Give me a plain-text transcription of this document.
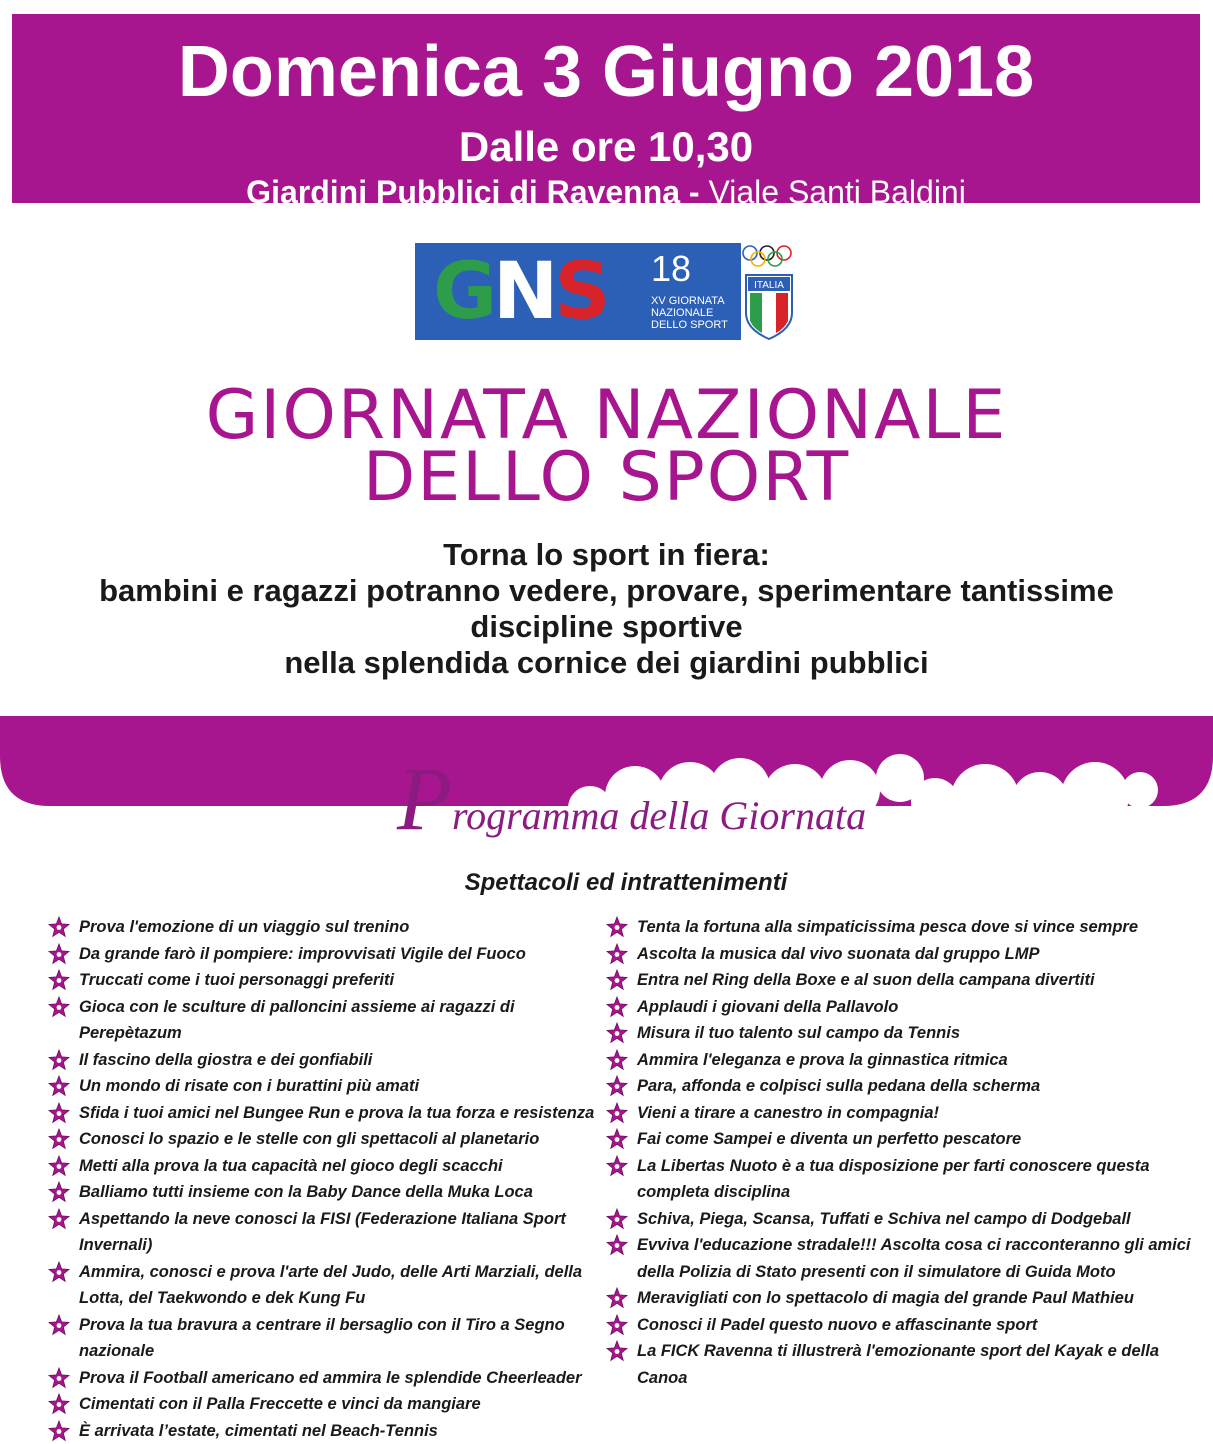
Domenica 3 Giugno 2018
Dalle ore 10,30
Giardini Pubblici di Ravenna - Viale Santi Baldini
GNS 18
XV GIORNATA NAZIONALE DELLO SPORT
ITALIA
GIORNATA NAZIONALE
DELLO SPORT
Torna lo sport in fiera:
bambini e ragazzi potranno vedere, provare, sperimentare tantissime
discipline sportive
nella splendida cornice dei giardini pubblici
Programma della Giornata
Spettacoli ed intrattenimenti
Prova l'emozione di un viaggio sul trenino
Da grande farò il pompiere: improvvisati Vigile del Fuoco
Truccati come i tuoi personaggi preferiti
Gioca con le sculture di palloncini assieme ai ragazzi di Perepètazum
Il fascino della giostra e dei gonfiabili
Un mondo di risate con i burattini più amati
Sfida i tuoi amici nel Bungee Run e prova la tua forza e resistenza
Conosci lo spazio e le stelle con gli spettacoli al planetario
Metti alla prova la tua capacità nel gioco degli scacchi
Balliamo tutti insieme con la Baby Dance della Muka Loca
Aspettando la neve conosci la FISI (Federazione Italiana Sport Invernali)
Ammira, conosci e prova l'arte del Judo, delle Arti Marziali, della Lotta, del Taekwondo e dek Kung Fu
Prova la tua bravura a centrare il bersaglio con il Tiro a Segno nazionale
Prova il Football americano ed ammira le splendide Cheerleader
Cimentati con il Palla Freccette e vinci da mangiare
È arrivata l’estate, cimentati nel Beach-Tennis
Tenta la fortuna alla simpaticissima pesca dove si vince sempre
Ascolta la musica dal vivo suonata dal gruppo LMP
Entra nel Ring della Boxe e al suon della campana divertiti
Applaudi i giovani della Pallavolo
Misura il tuo talento sul campo da Tennis
Ammira l'eleganza e prova la ginnastica ritmica
Para, affonda e colpisci sulla pedana della scherma
Vieni a tirare a canestro in compagnia!
Fai come Sampei e diventa un perfetto pescatore
La Libertas Nuoto è a tua disposizione per farti conoscere questa completa disciplina
Schiva, Piega, Scansa, Tuffati e Schiva nel campo di Dodgeball
Evviva l'educazione stradale!!! Ascolta cosa ci racconteranno gli amici della Polizia di Stato presenti con il simulatore di Guida Moto
Meravigliati con lo spettacolo di magia del grande Paul Mathieu
Conosci il Padel questo nuovo e affascinante sport
La FICK Ravenna ti illustrerà l'emozionante sport del Kayak e della Canoa
